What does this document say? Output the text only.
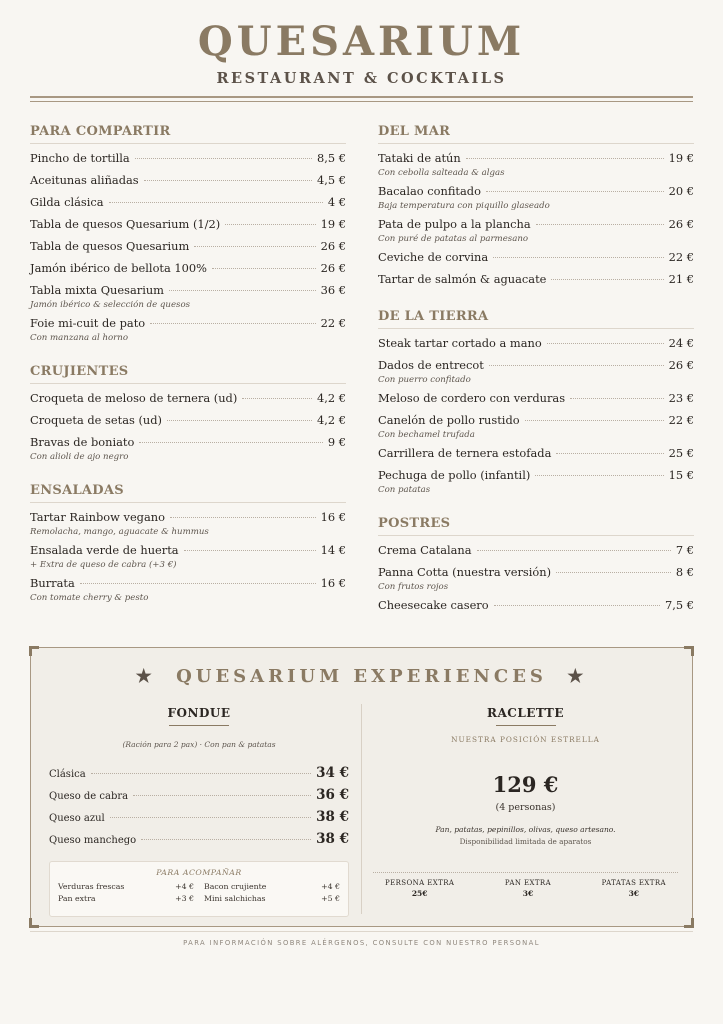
QUESARIUM
RESTAURANT & COCKTAILS
PARA COMPARTIR
Pincho de tortilla	8,5 €
Aceitunas aliñadas	4,5 €
Gilda clásica	4 €
Tabla de quesos Quesarium (1/2)	19 €
Tabla de quesos Quesarium	26 €
Jamón ibérico de bellota 100%	26 €
Tabla mixta Quesarium	36 €
Jamón ibérico & selección de quesos
Foie mi-cuit de pato	22 €
Con manzana al horno
CRUJIENTES
Croqueta de meloso de ternera (ud)	4,2 €
Croqueta de setas (ud)	4,2 €
Bravas de boniato	9 €
Con alioli de ajo negro
ENSALADAS
Tartar Rainbow vegano	16 €
Remolacha, mango, aguacate & hummus
Ensalada verde de huerta	14 €
+ Extra de queso de cabra (+3 €)
Burrata	16 €
Con tomate cherry & pesto
DEL MAR
Tataki de atún	19 €
Con cebolla salteada & algas
Bacalao confitado	20 €
Baja temperatura con piquillo glaseado
Pata de pulpo a la plancha	26 €
Con puré de patatas al parmesano
Ceviche de corvina	22 €
Tartar de salmón & aguacate	21 €
DE LA TIERRA
Steak tartar cortado a mano	24 €
Dados de entrecot	26 €
Con puerro confitado
Meloso de cordero con verduras	23 €
Canelón de pollo rustido	22 €
Con bechamel trufada
Carrillera de ternera estofada	25 €
Pechuga de pollo (infantil)	15 €
Con patatas
POSTRES
Crema Catalana	7 €
Panna Cotta (nuestra versión)	8 €
Con frutos rojos
Cheesecake casero	7,5 €
★ QUESARIUM EXPERIENCES ★
FONDUE
(Ración para 2 pax) · Con pan & patatas
Clásica	34 €
Queso de cabra	36 €
Queso azul	38 €
Queso manchego	38 €
PARA ACOMPAÑAR
Verduras frescas	+4 € Bacon crujiente	+4 €
Pan extra	+3 € Mini salchichas	+5 €
RACLETTE
NUESTRA POSICIÓN ESTRELLA
129 €
(4 personas)
Pan, patatas, pepinillos, olivas, queso artesano.
Disponibilidad limitada de aparatos
PERSONA EXTRA
25€
PAN EXTRA
3€
PATATAS EXTRA
3€
PARA INFORMACIÓN SOBRE ALÉRGENOS, CONSULTE CON NUESTRO PERSONAL
